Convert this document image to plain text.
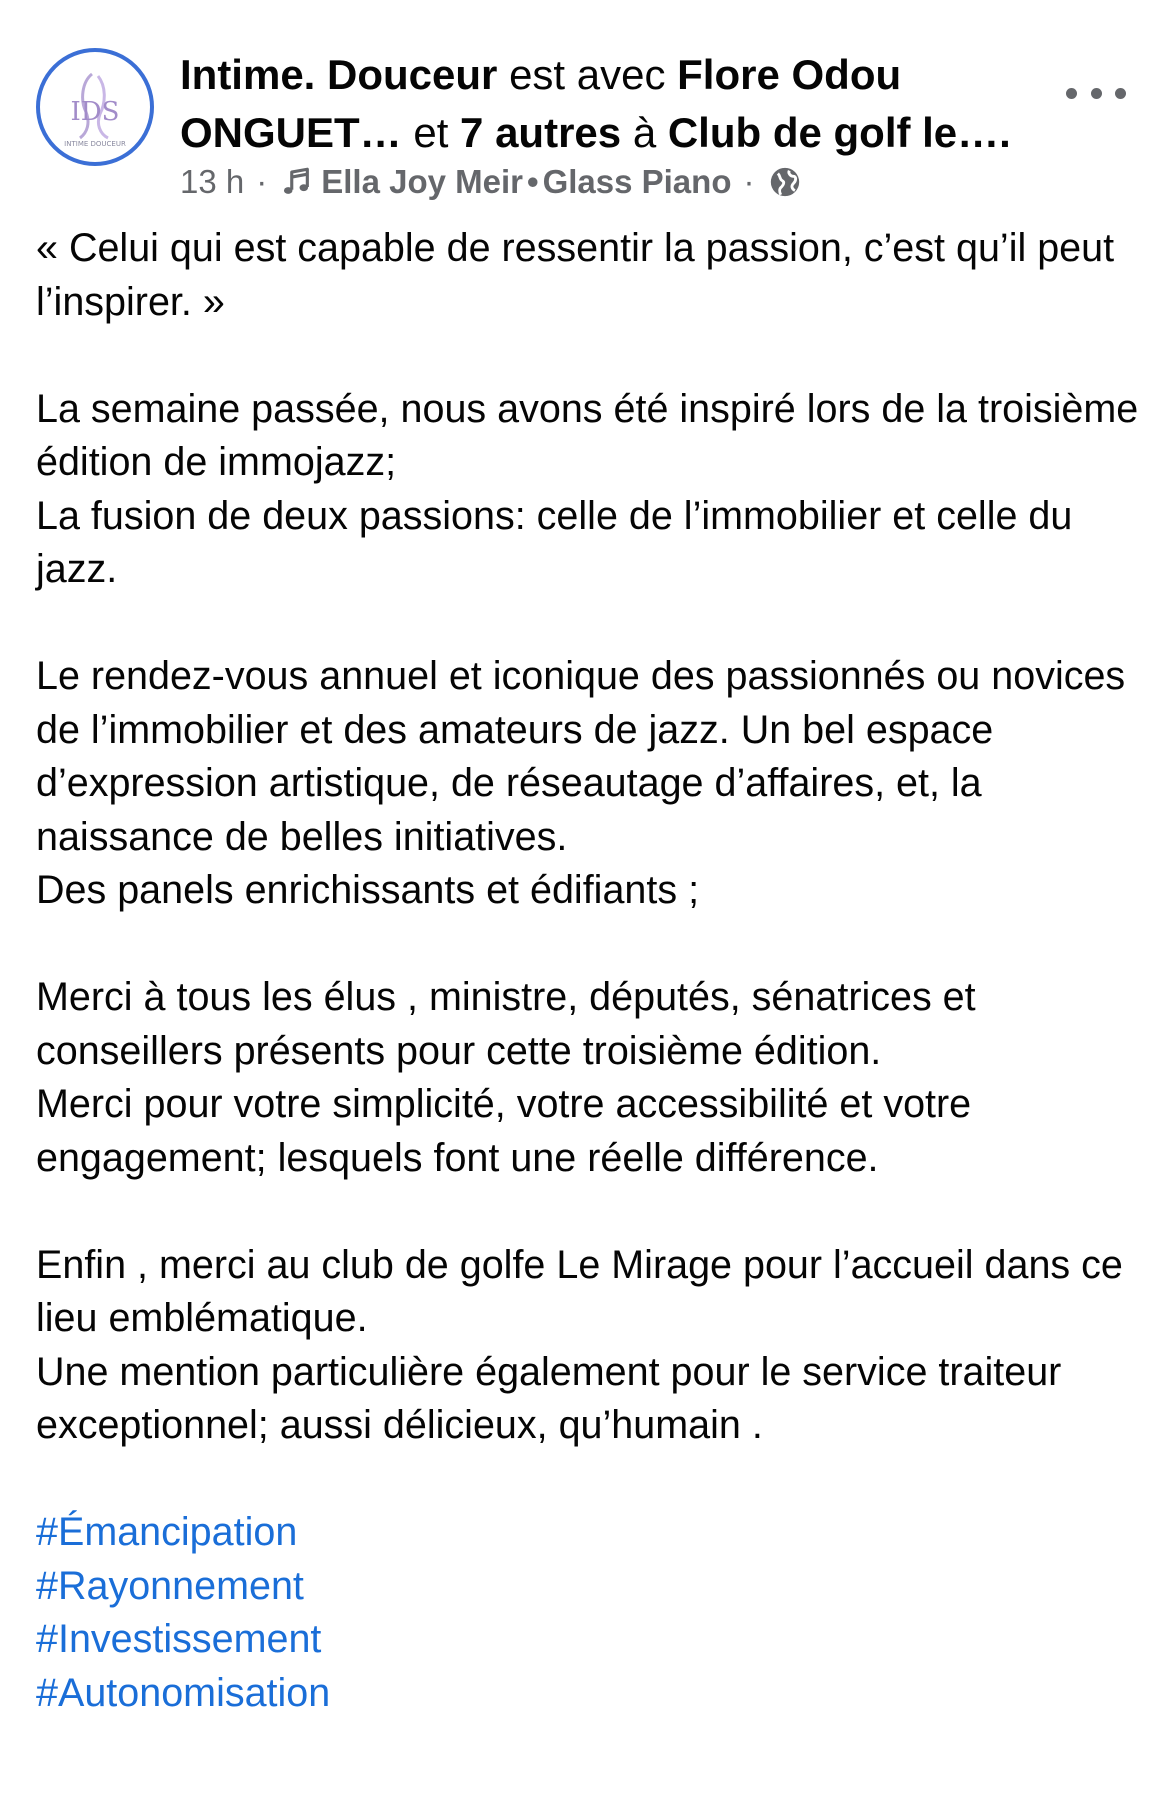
IDS
INTIME DOUCEUR
Intime. Douceur est avec Flore Odou ONGUET… et 7 autres à Club de golf le….
13 h · Ella Joy Meir • Glass Piano ·

« Celui qui est capable de ressentir la passion, c’est qu’il peut l’inspirer. »

La semaine passée, nous avons été inspiré lors de la troisième édition de immojazz;
La fusion de deux passions: celle de l’immobilier et celle du jazz.

Le rendez-vous annuel et iconique des passionnés ou novices de l’immobilier et des amateurs de jazz. Un bel espace d’expression artistique, de réseautage d’affaires, et, la naissance de belles initiatives.
Des panels enrichissants et édifiants ;

Merci à tous les élus , ministre, députés, sénatrices et conseillers présents pour cette troisième édition.
Merci pour votre simplicité, votre accessibilité et votre engagement; lesquels font une réelle différence.

Enfin , merci au club de golfe Le Mirage pour l’accueil dans ce lieu emblématique.
Une mention particulière également pour le service traiteur exceptionnel; aussi délicieux, qu’humain .

#Émancipation
#Rayonnement
#Investissement
#Autonomisation
